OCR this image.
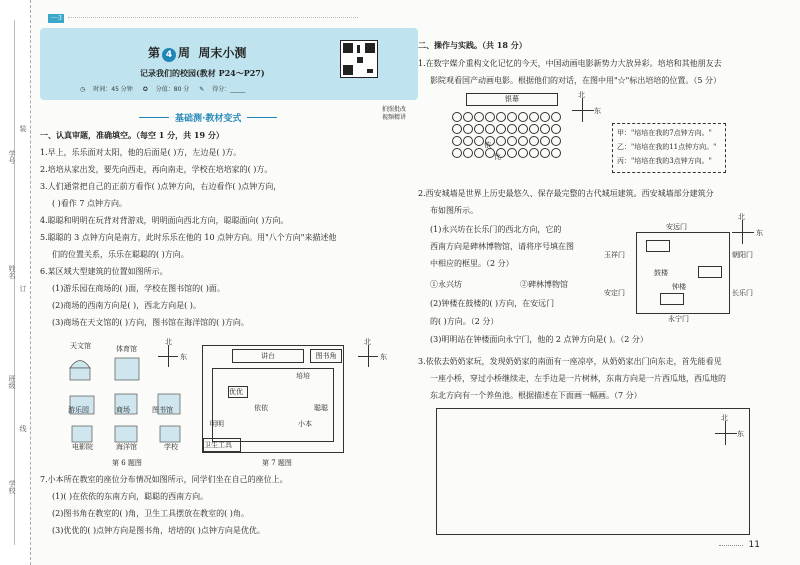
学号
姓名
班级
学校
装
订
线
一·3
第 4 周 周末小测
记录我们的校园(教材 P24～P27)
◷ 时间：45 分钟 ✪ 分值：80 分 ✎ 得分：_____
拍照批改 视频精讲
基础测·教材变式
一、认真审题，准确填空。（每空 1 分，共 19 分）
1.早上，乐乐面对太阳，他的后面是( )方，左边是( )方。
2.培培从家出发，要先向西走，再向南走，学校在培培家的( )方。
3.人们通常把自己的正前方看作( )点钟方向，右边看作( )点钟方向，
( )看作 7 点钟方向。
4.聪聪和明明在玩背对背游戏，明明面向西北方向，聪聪面向( )方向。
5.聪聪的 3 点钟方向是南方，此时乐乐在他的 10 点钟方向。用"八个方向"来描述他
们的位置关系，乐乐在聪聪的( )方向。
6.某区域大型建筑的位置如图所示。
(1)游乐园在商场的( )面，学校在图书馆的( )面。
(2)商场的西南方向是( )，西北方向是( )。
(3)商场在天文馆的( )方向，图书馆在海洋馆的( )方向。
天文馆	体育馆
游乐园	商场	图书馆
电影院	海洋馆	学校
北
东
第 6 题图
讲台	图书角
培培
优优
依依	聪聪
明明	小本
卫生工具
北
东
第 7 题图
7.小本所在教室的座位分布情况如图所示，同学们坐在自己的座位上。
(1)( )在依依的东南方向，聪聪的西南方向。
(2)图书角在教室的( )角，卫生工具摆放在教室的( )角。
(3)优优的( )点钟方向是图书角，培培的( )点钟方向是优优。
二、操作与实践。（共 18 分）
1.在数字媒介重构文化记忆的今天，中国动画电影新势力大放异彩。培培和其他朋友去
影院观看国产动画电影。根据他们的对话，在图中用"☆"标出培培的位置。（5 分）
银幕
依
比
北
东
甲："培培在我的7点钟方向。"
乙："培培在我的11点钟方向。"
丙："培培在我的3点钟方向。"
2.西安城墙是世界上历史最悠久、保存最完整的古代城垣建筑。西安城墙部分建筑分
布如图所示。
(1)永兴坊在长乐门的西北方向，它的
西南方向是碑林博物馆，请将序号填在图
中相应的框里。（2 分）
①永兴坊	②碑林博物馆
(2)钟楼在鼓楼的( )方向，在安远门
的( )方向。（2 分）
(3)明明站在钟楼面向永宁门，他的 2 点钟方向是( )。（2 分）
安远门
玉祥门	朝阳门
安定门	长乐门
永宁门
鼓楼
钟楼
北
东
3.依依去奶奶家玩，发现奶奶家的南面有一座凉亭，从奶奶家出门向东走，首先能看见
一座小桥，穿过小桥继续走，左手边是一片树林，东南方向是一片西瓜地，西瓜地的
东北方向有一个养鱼池。根据描述在下面画一幅画。（7 分）
北
东
11
